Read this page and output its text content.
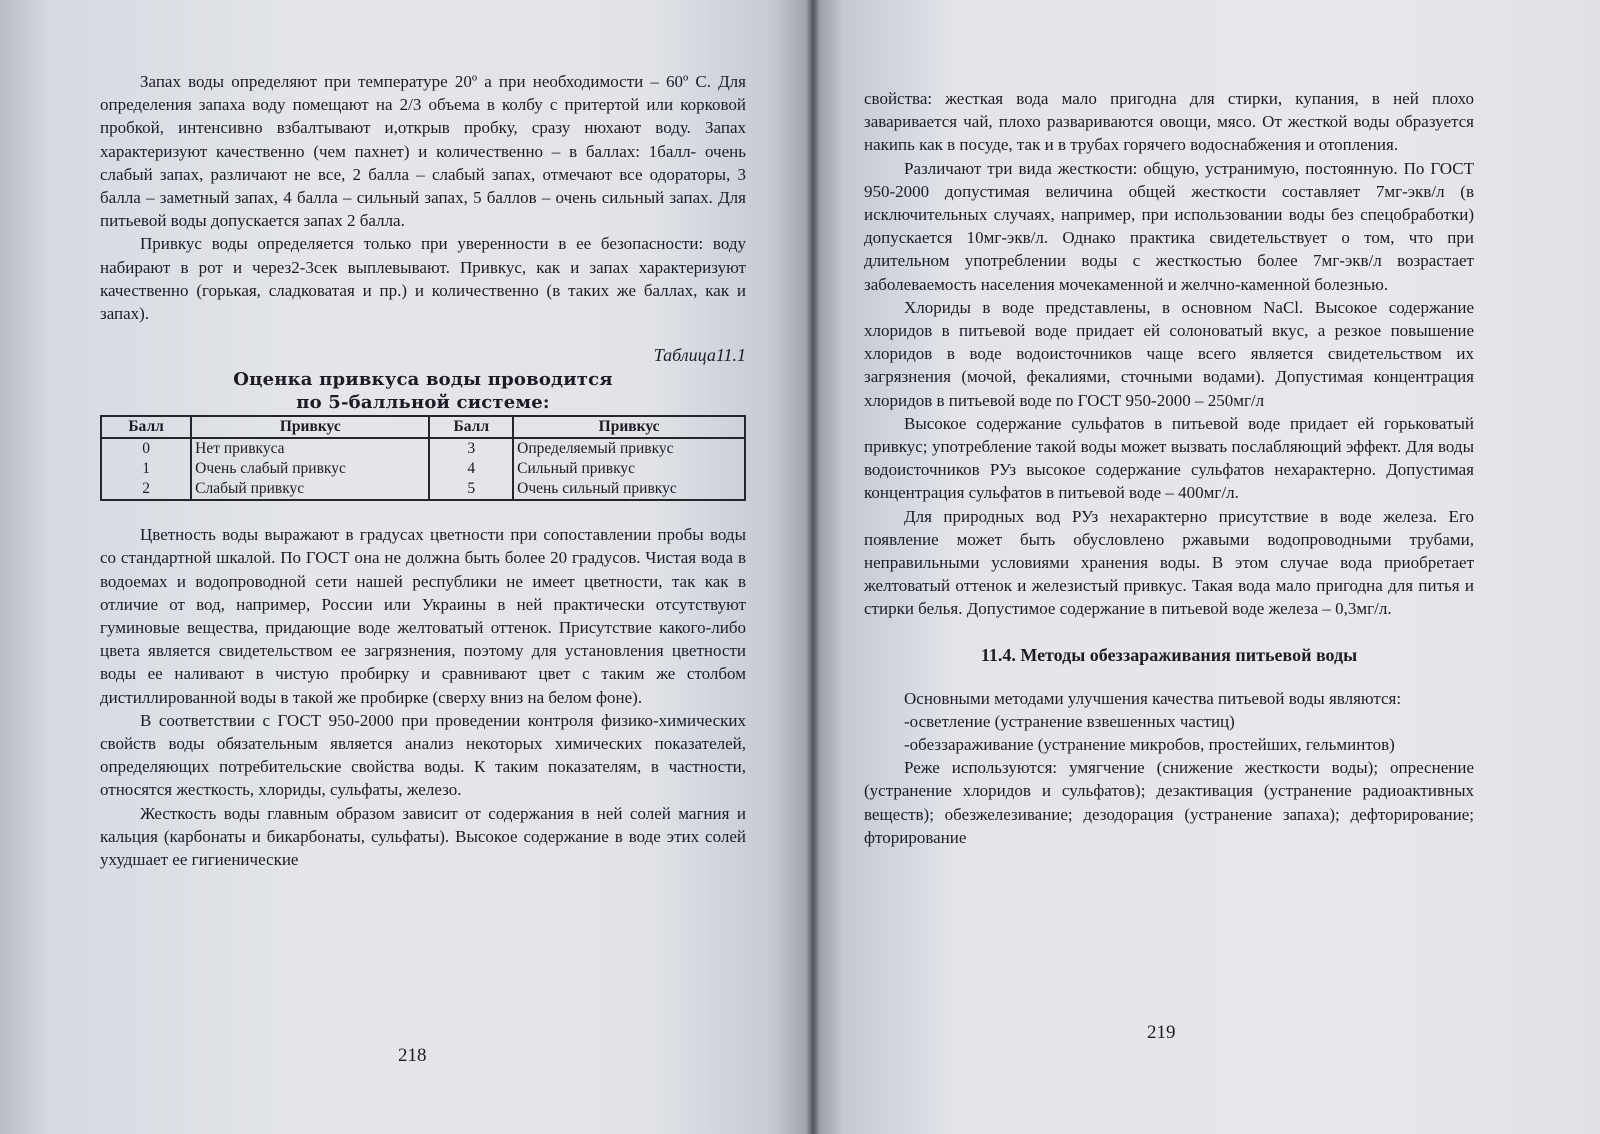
Запах воды определяют при температуре 20º а при необходимости – 60º С. Для определения запаха воду помещают на 2/3 объема в колбу с притертой или корковой пробкой, интенсивно взбалтывают и,открыв пробку, сразу нюхают воду. Запах характеризуют качественно (чем пахнет) и количественно – в баллах: 1балл- очень слабый запах, различают не все, 2 балла – слабый запах, отмечают все одораторы, 3 балла – заметный запах, 4 балла – сильный запах, 5 баллов – очень сильный запах. Для питьевой воды допускается запах 2 балла.

Привкус воды определяется только при уверенности в ее безопасности: воду набирают в рот и через2-3сек выплевывают. Привкус, как и запах характеризуют качественно (горькая, сладковатая и пр.) и количественно (в таких же баллах, как и запах).

Таблица11.1
Оценка привкуса воды проводится
по 5-балльной системе:
Балл	Привкус	Балл	Привкус
0	Нет привкуса	3	Определяемый привкус
1	Очень слабый привкус	4	Сильный привкус
2	Слабый привкус	5	Очень сильный привкус

Цветность воды выражают в градусах цветности при сопоставлении пробы воды со стандартной шкалой. По ГОСТ она не должна быть более 20 градусов. Чистая вода в водоемах и водопроводной сети нашей республики не имеет цветности, так как в отличие от вод, например, России или Украины в ней практически отсутствуют гуминовые вещества, придающие воде желтоватый оттенок. Присутствие какого-либо цвета является свидетельством ее загрязнения, поэтому для установления цветности воды ее наливают в чистую пробирку и сравнивают цвет с таким же столбом дистиллированной воды в такой же пробирке (сверху вниз на белом фоне).

В соответствии с ГОСТ 950-2000 при проведении контроля физико-химических свойств воды обязательным является анализ некоторых химических показателей, определяющих потребительские свойства воды. К таким показателям, в частности, относятся жесткость, хлориды, сульфаты, железо.

Жесткость воды главным образом зависит от содержания в ней солей магния и кальция (карбонаты и бикарбонаты, сульфаты). Высокое содержание в воде этих солей ухудшает ее гигиенические

218

свойства: жесткая вода мало пригодна для стирки, купания, в ней плохо заваривается чай, плохо развариваются овощи, мясо. От жесткой воды образуется накипь как в посуде, так и в трубах горячего водоснабжения и отопления.

Различают три вида жесткости: общую, устранимую, постоянную. По ГОСТ 950-2000 допустимая величина общей жесткости составляет 7мг-экв/л (в исключительных случаях, например, при использовании воды без спецобработки) допускается 10мг-экв/л. Однако практика свидетельствует о том, что при длительном употреблении воды с жесткостью более 7мг-экв/л возрастает заболеваемость населения мочекаменной и желчно-каменной болезнью.

Хлориды в воде представлены, в основном NaCl. Высокое содержание хлоридов в питьевой воде придает ей солоноватый вкус, а резкое повышение хлоридов в воде водоисточников чаще всего является свидетельством их загрязнения (мочой, фекалиями, сточными водами). Допустимая концентрация хлоридов в питьевой воде по ГОСТ 950-2000 – 250мг/л

Высокое содержание сульфатов в питьевой воде придает ей горьковатый привкус; употребление такой воды может вызвать послабляющий эффект. Для воды водоисточников РУз высокое содержание сульфатов нехарактерно. Допустимая концентрация сульфатов в питьевой воде – 400мг/л.

Для природных вод РУз нехарактерно присутствие в воде железа. Его появление может быть обусловлено ржавыми водопроводными трубами, неправильными условиями хранения воды. В этом случае вода приобретает желтоватый оттенок и железистый привкус. Такая вода мало пригодна для питья и стирки белья. Допустимое содержание в питьевой воде железа – 0,3мг/л.

11.4. Методы обеззараживания питьевой воды

Основными методами улучшения качества питьевой воды являются:

-осветление (устранение взвешенных частиц)

-обеззараживание (устранение микробов, простейших, гельминтов)

Реже используются: умягчение (снижение жесткости воды); опреснение (устранение хлоридов и сульфатов); дезактивация (устранение радиоактивных веществ); обезжелезивание; дезодорация (устранение запаха); дефторирование; фторирование

219
